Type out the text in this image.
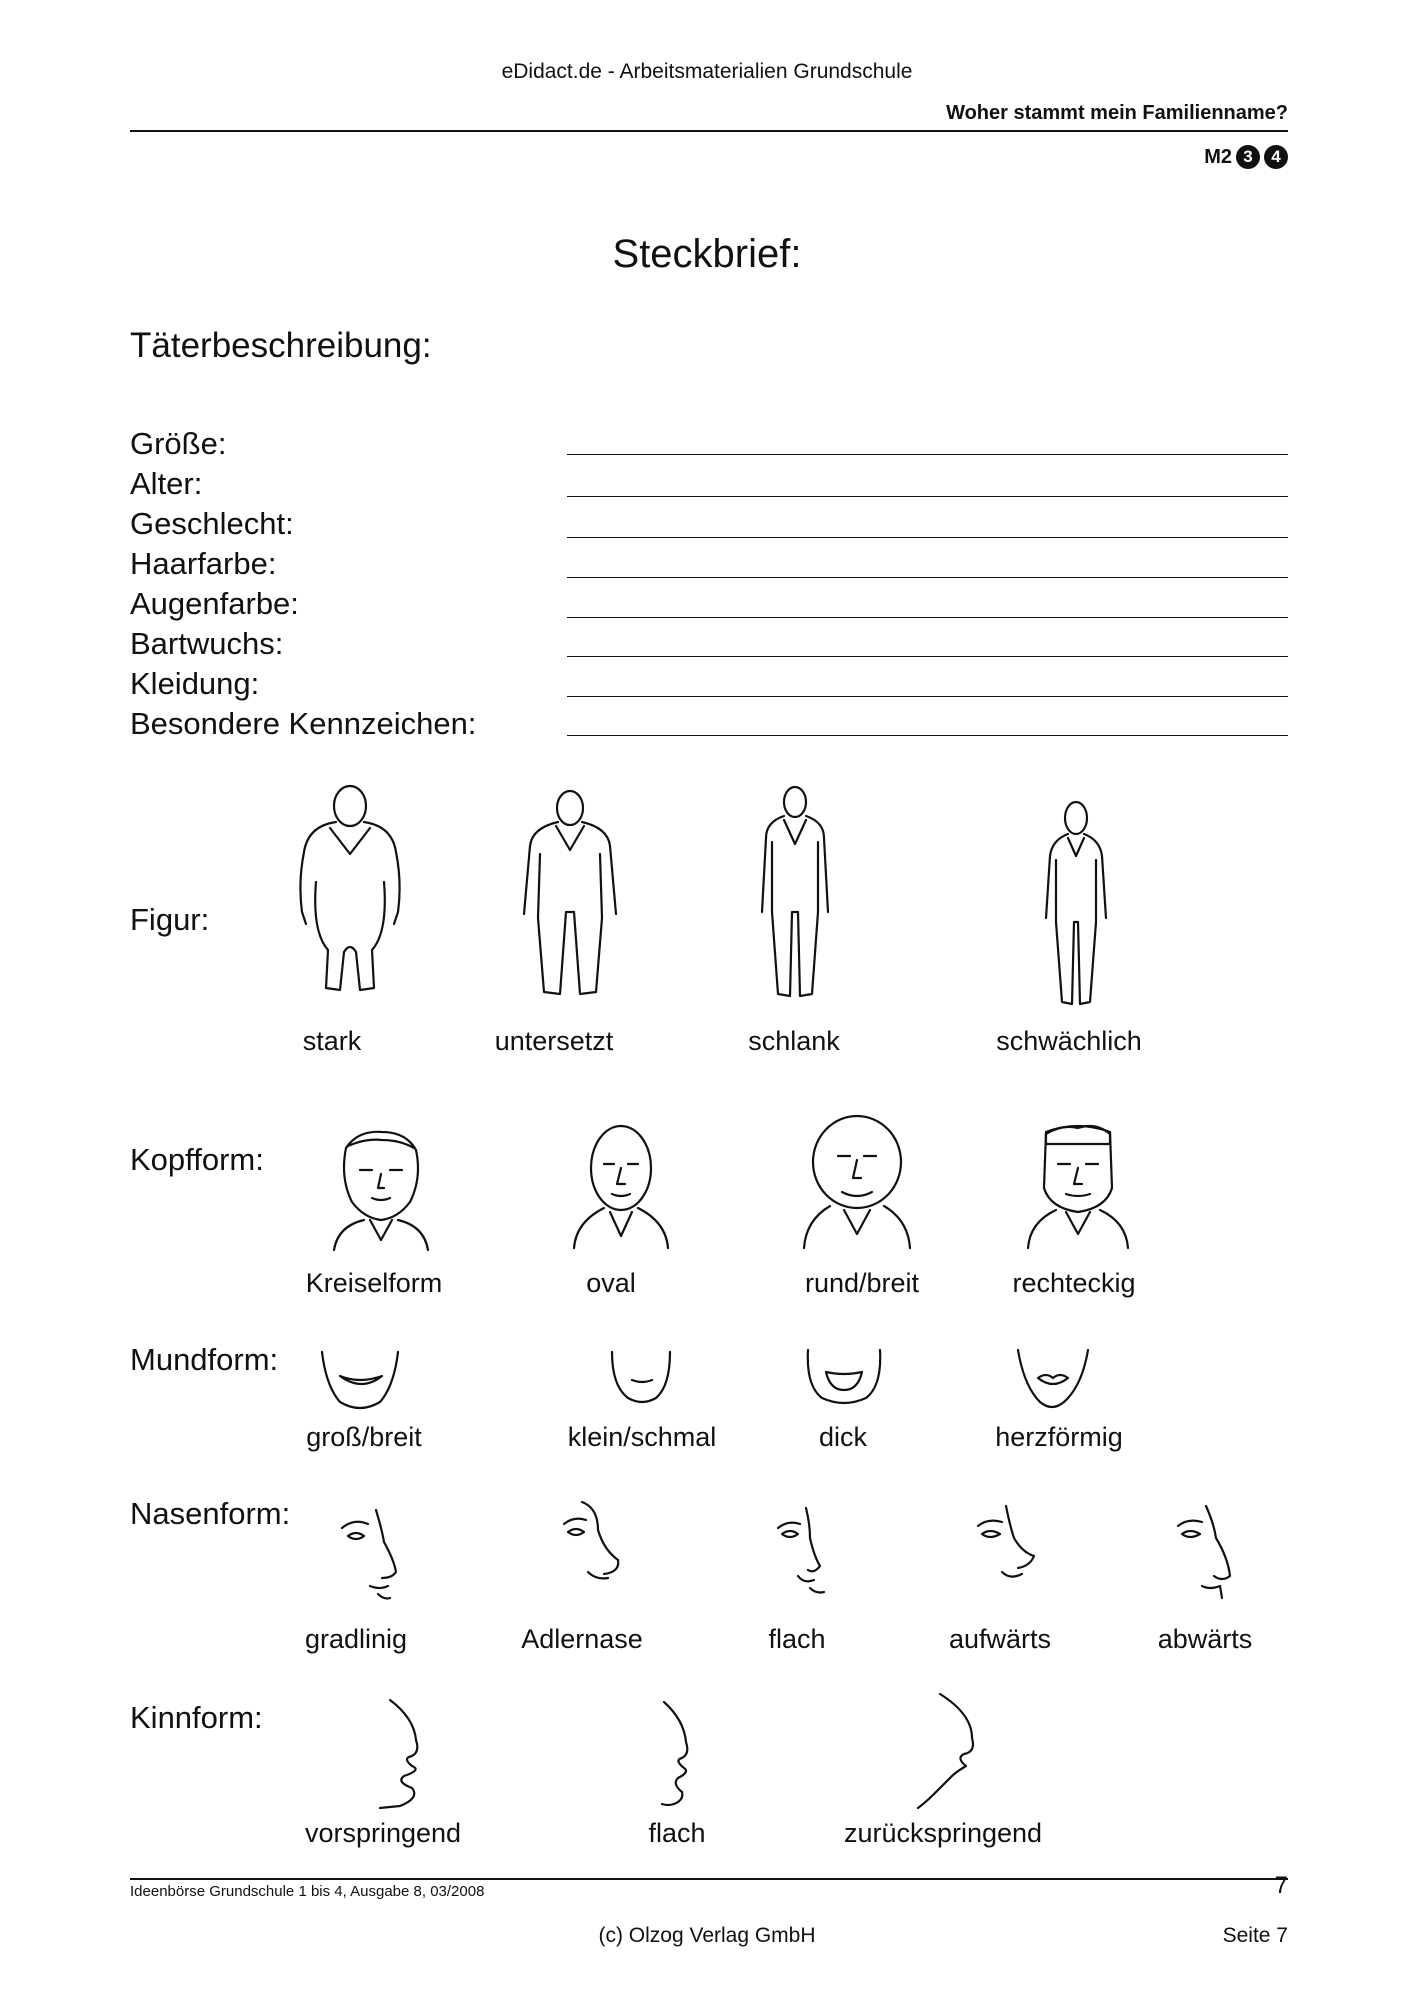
eDidact.de - Arbeitsmaterialien Grundschule
Woher stammt mein Familienname?
M2 3	4
Steckbrief:
Täterbeschreibung:
Größe:
Alter:
Geschlecht:
Haarfarbe:
Augenfarbe:
Bartwuchs:
Kleidung:
Besondere Kennzeichen:
Figur:
stark	untersetzt	schlank	schwächlich
Kopfform:
Kreiselform	oval	rund/breit	rechteckig
Mundform:
groß/breit	klein/schmal	dick	herzförmig
Nasenform:
gradlinig	Adlernase	flach	aufwärts	abwärts
Kinnform:
vorspringend	flach	zurückspringend
Ideenbörse Grundschule 1 bis 4, Ausgabe 8, 03/2008	7
(c) Olzog Verlag GmbH	Seite 7
